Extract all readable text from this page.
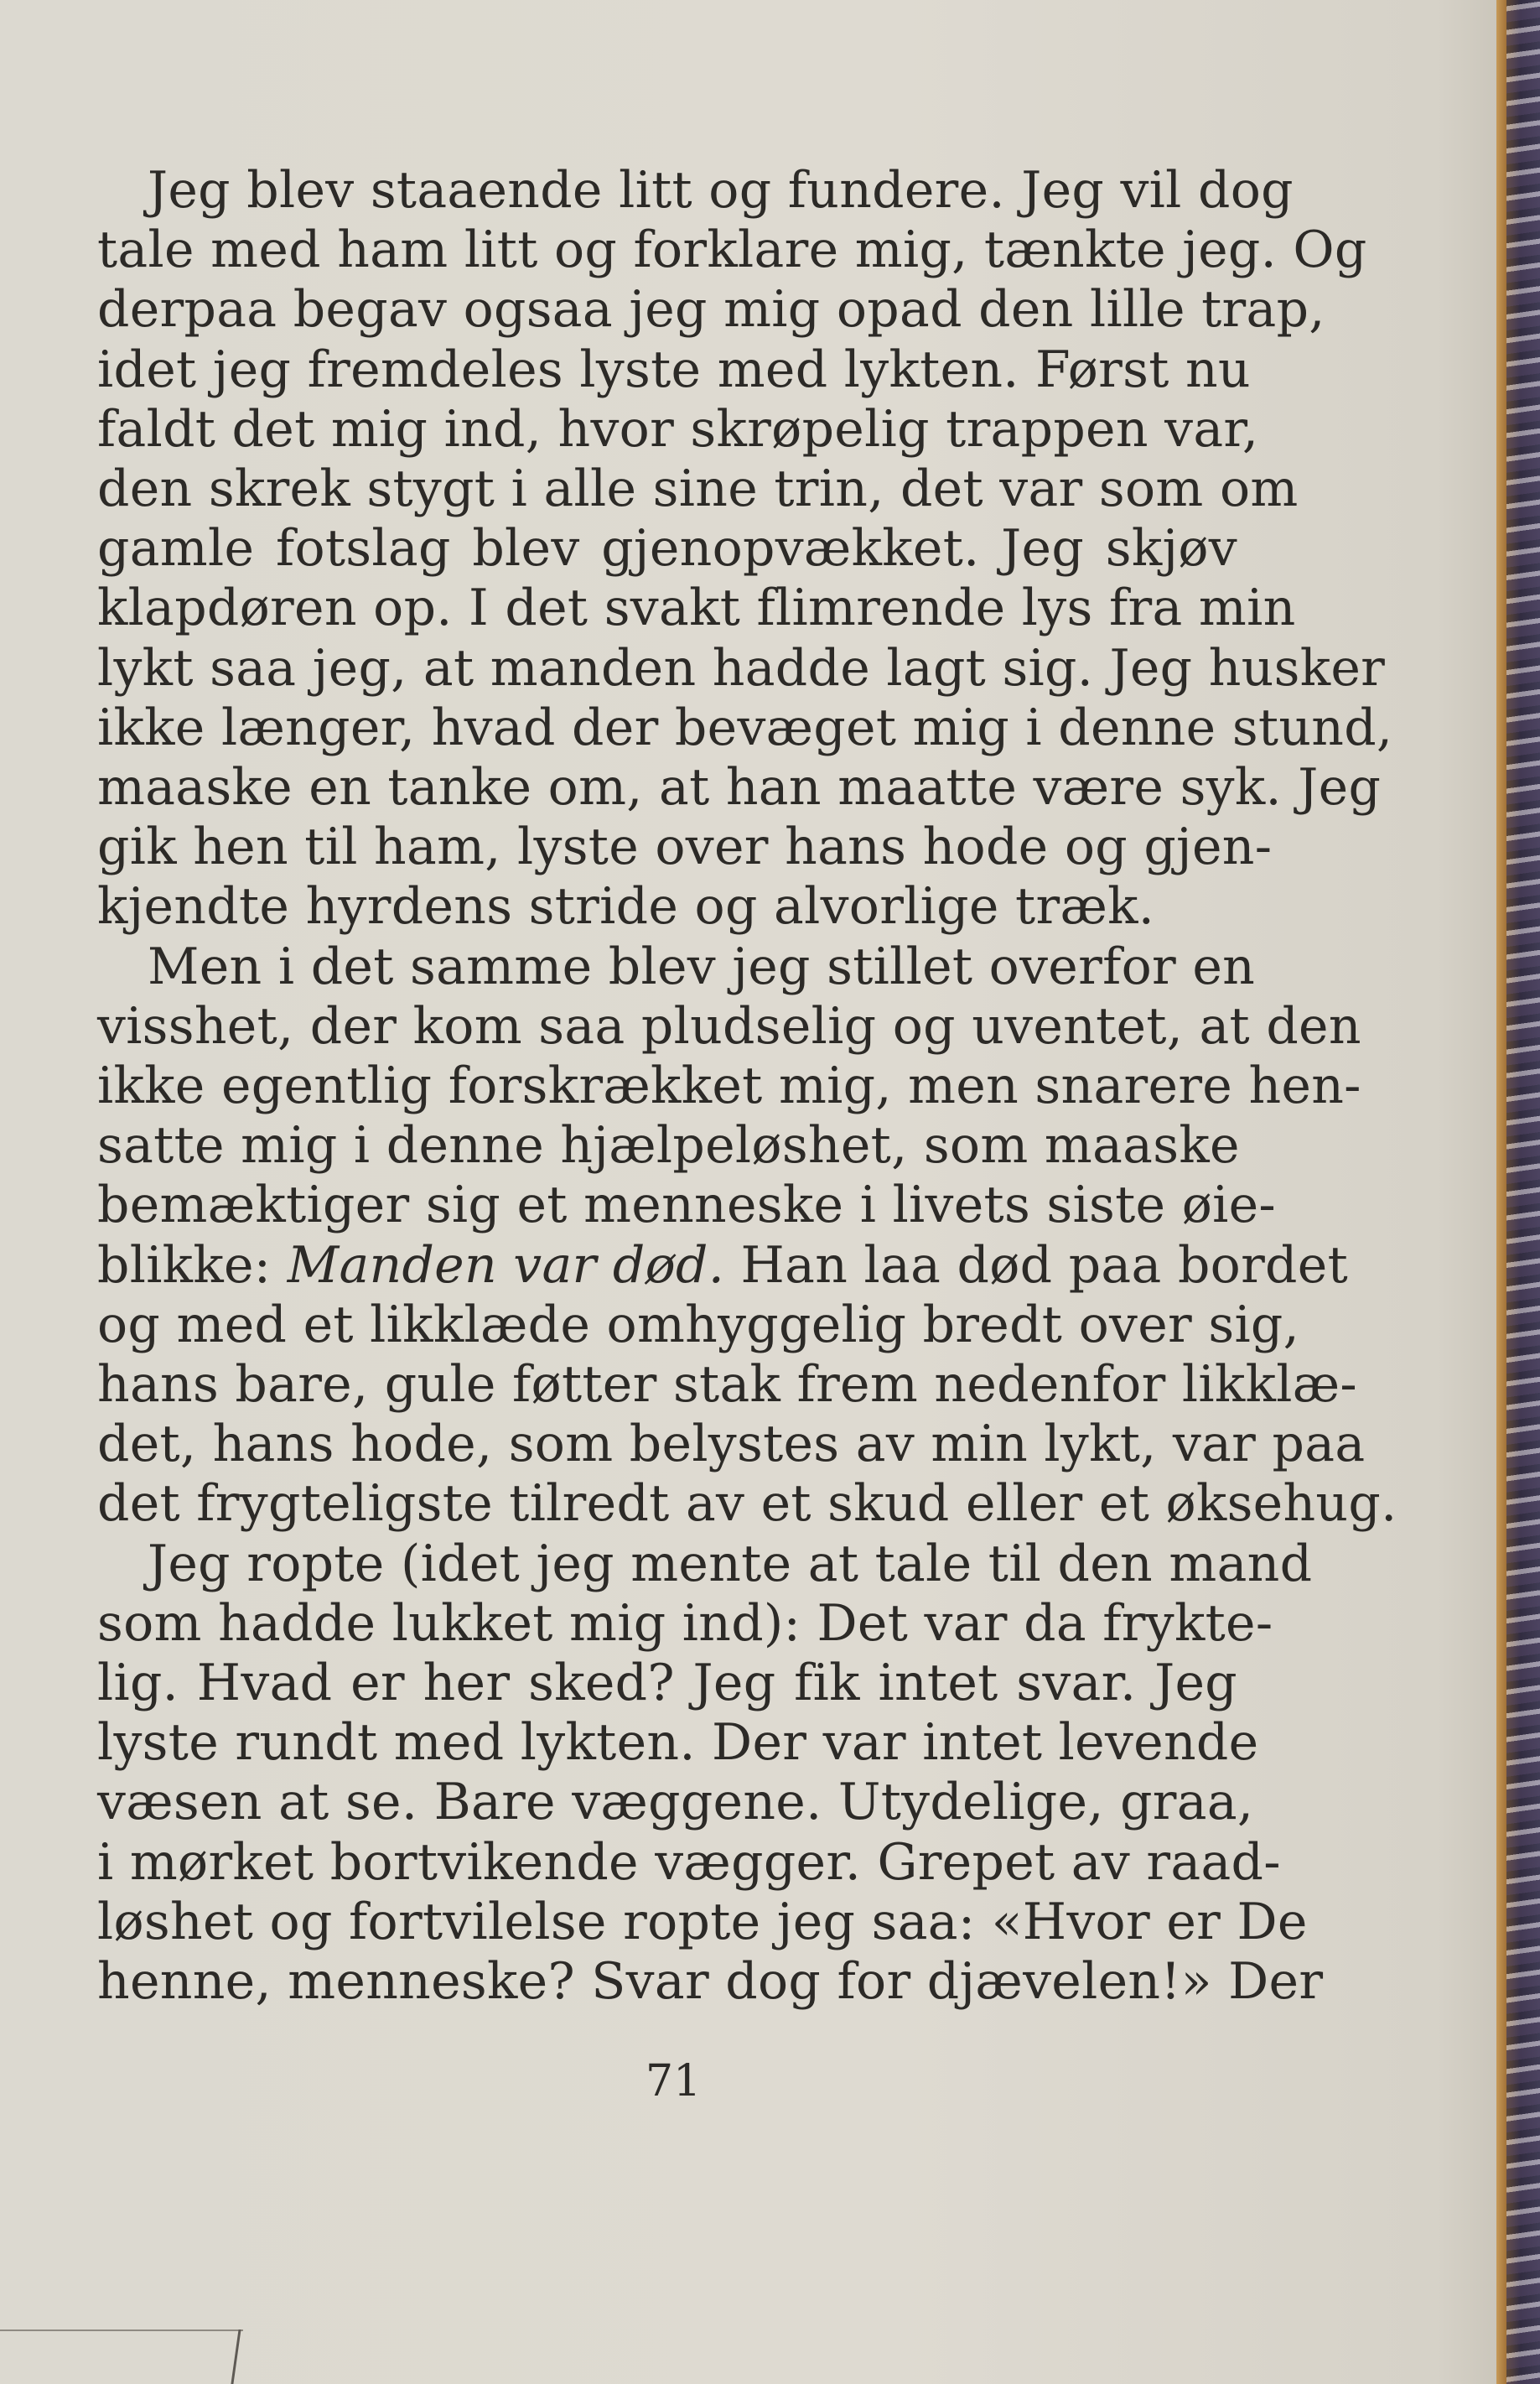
Jeg blev staaende litt og fundere. Jeg vil dog
tale med ham litt og forklare mig, tænkte jeg. Og
derpaa begav ogsaa jeg mig opad den lille trap,
idet jeg fremdeles lyste med lykten. Først nu
faldt det mig ind, hvor skrøpelig trappen var,
den skrek stygt i alle sine trin, det var som om
gamle fotslag blev gjenopvækket. Jeg skjøv
klapdøren op. I det svakt flimrende lys fra min
lykt saa jeg, at manden hadde lagt sig. Jeg husker
ikke længer, hvad der bevæget mig i denne stund,
maaske en tanke om, at han maatte være syk. Jeg
gik hen til ham, lyste over hans hode og gjen-
kjendte hyrdens stride og alvorlige træk.
Men i det samme blev jeg stillet overfor en
visshet, der kom saa pludselig og uventet, at den
ikke egentlig forskrækket mig, men snarere hen-
satte mig i denne hjælpeløshet, som maaske
bemæktiger sig et menneske i livets siste øie-
blikke: Manden var død. Han laa død paa bordet
og med et likklæde omhyggelig bredt over sig,
hans bare, gule føtter stak frem nedenfor likklæ-
det, hans hode, som belystes av min lykt, var paa
det frygteligste tilredt av et skud eller et øksehug.
Jeg ropte (idet jeg mente at tale til den mand
som hadde lukket mig ind): Det var da frykte-
lig. Hvad er her sked? Jeg fik intet svar. Jeg
lyste rundt med lykten. Der var intet levende
væsen at se. Bare væggene. Utydelige, graa,
i mørket bortvikende vægger. Grepet av raad-
løshet og fortvilelse ropte jeg saa: «Hvor er De
henne, menneske? Svar dog for djævelen!» Der
71
